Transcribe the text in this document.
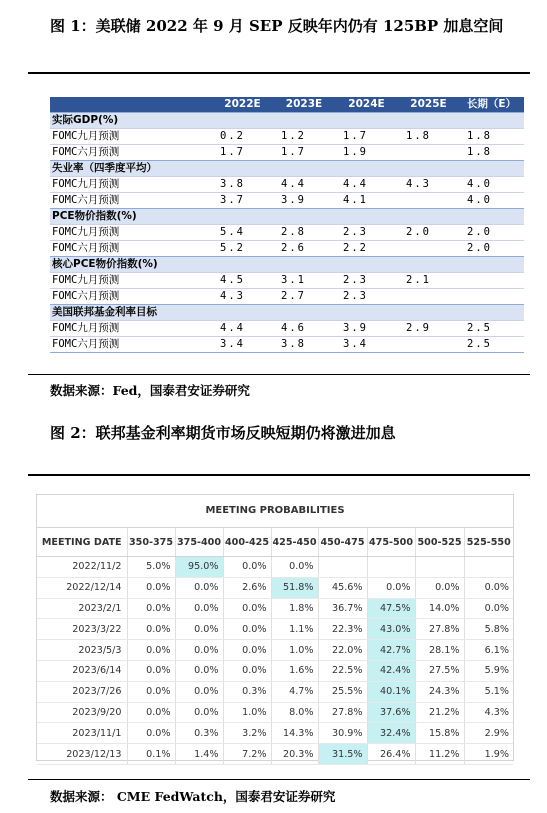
图 1：美联储 2022 年 9 月 SEP 反映年内仍有 125BP 加息空间
	2022E	2023E	2024E	2025E	长期（E）
实际GDP(%)					
FOMC九月预测	0.2	1.2	1.7	1.8	1.8
FOMC六月预测	1.7	1.7	1.9		1.8
失业率（四季度平均）					
FOMC九月预测	3.8	4.4	4.4	4.3	4.0
FOMC六月预测	3.7	3.9	4.1		4.0
PCE物价指数(%)					
FOMC九月预测	5.4	2.8	2.3	2.0	2.0
FOMC六月预测	5.2	2.6	2.2		2.0
核心PCE物价指数(%)					
FOMC九月预测	4.5	3.1	2.3	2.1	
FOMC六月预测	4.3	2.7	2.3		
美国联邦基金利率目标					
FOMC九月预测	4.4	4.6	3.9	2.9	2.5
FOMC六月预测	3.4	3.8	3.4		2.5
数据来源：Fed，国泰君安证券研究
图 2：联邦基金利率期货市场反映短期仍将激进加息
MEETING PROBABILITIES
MEETING DATE	350-375	375-400	400-425	425-450	450-475	475-500	500-525	525-550
2022/11/2	5.0%	95.0%	0.0%	0.0%				
2022/12/14	0.0%	0.0%	2.6%	51.8%	45.6%	0.0%	0.0%	0.0%
2023/2/1	0.0%	0.0%	0.0%	1.8%	36.7%	47.5%	14.0%	0.0%
2023/3/22	0.0%	0.0%	0.0%	1.1%	22.3%	43.0%	27.8%	5.8%
2023/5/3	0.0%	0.0%	0.0%	1.0%	22.0%	42.7%	28.1%	6.1%
2023/6/14	0.0%	0.0%	0.0%	1.6%	22.5%	42.4%	27.5%	5.9%
2023/7/26	0.0%	0.0%	0.3%	4.7%	25.5%	40.1%	24.3%	5.1%
2023/9/20	0.0%	0.0%	1.0%	8.0%	27.8%	37.6%	21.2%	4.3%
2023/11/1	0.0%	0.3%	3.2%	14.3%	30.9%	32.4%	15.8%	2.9%
2023/12/13	0.1%	1.4%	7.2%	20.3%	31.5%	26.4%	11.2%	1.9%
数据来源： CME FedWatch，国泰君安证券研究
